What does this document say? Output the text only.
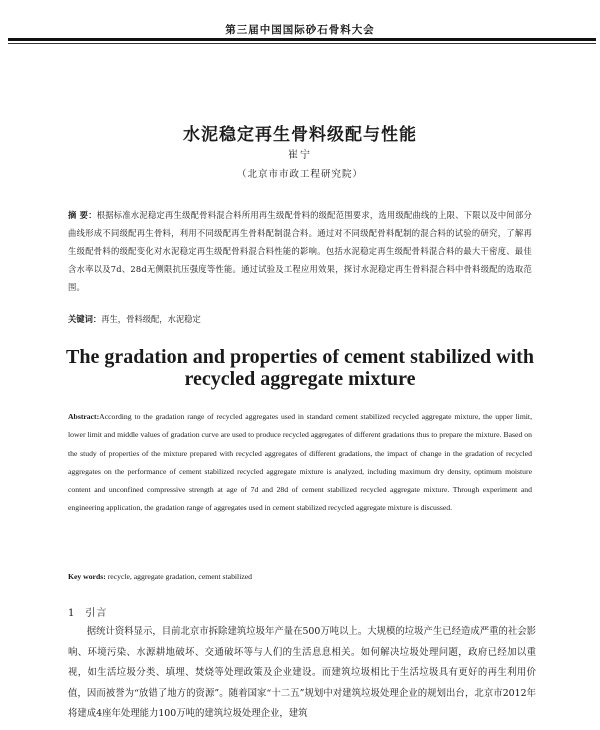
第三届中国国际砂石骨料大会
水泥稳定再生骨料级配与性能
崔宁
（北京市市政工程研究院）
摘 要：根据标准水泥稳定再生级配骨料混合料所用再生级配骨料的级配范围要求，选用级配曲线的上限、下限以及中间部分曲线形成不同级配再生骨料，利用不同级配再生骨料配制混合料。通过对不同级配骨料配制的混合料的试验的研究，了解再生级配骨料的级配变化对水泥稳定再生级配骨料混合料性能的影响。包括水泥稳定再生级配骨料混合料的最大干密度、最佳含水率以及7d、28d无侧限抗压强度等性能。通过试验及工程应用效果，探讨水泥稳定再生骨料混合料中骨料级配的选取范围。
关键词：再生，骨料级配，水泥稳定
The gradation and properties of cement stabilized with recycled aggregate mixture
Abstract:According to the gradation range of recycled aggregates used in standard cement stabilized recycled aggregate mixture, the upper limit, lower limit and middle values of gradation curve are used to produce recycled aggregates of different gradations thus to prepare the mixture. Based on the study of properties of the mixture prepared with recycled aggregates of different gradations, the impact of change in the gradation of recycled aggregates on the performance of cement stabilized recycled aggregate mixture is analyzed, including maximum dry density, optimum moisture content and unconfined compressive strength at age of 7d and 28d of cement stabilized recycled aggregate mixture. Through experiment and engineering application, the gradation range of aggregates used in cement stabilized recycled aggregate mixture is discussed.
Key words: recycle, aggregate gradation, cement stabilized
1 引言
据统计资料显示，目前北京市拆除建筑垃圾年产量在500万吨以上。大规模的垃圾产生已经造成严重的社会影响、环境污染、水源耕地破坏、交通破坏等与人们的生活息息相关。如何解决垃圾处理问题，政府已经加以重视，如生活垃圾分类、填埋、焚烧等处理政策及企业建设。而建筑垃圾相比于生活垃圾具有更好的再生利用价值，因而被誉为“放错了地方的资源”。随着国家“十二五”规划中对建筑垃圾处理企业的规划出台，北京市2012年将建成4座年处理能力100万吨的建筑垃圾处理企业，建筑
